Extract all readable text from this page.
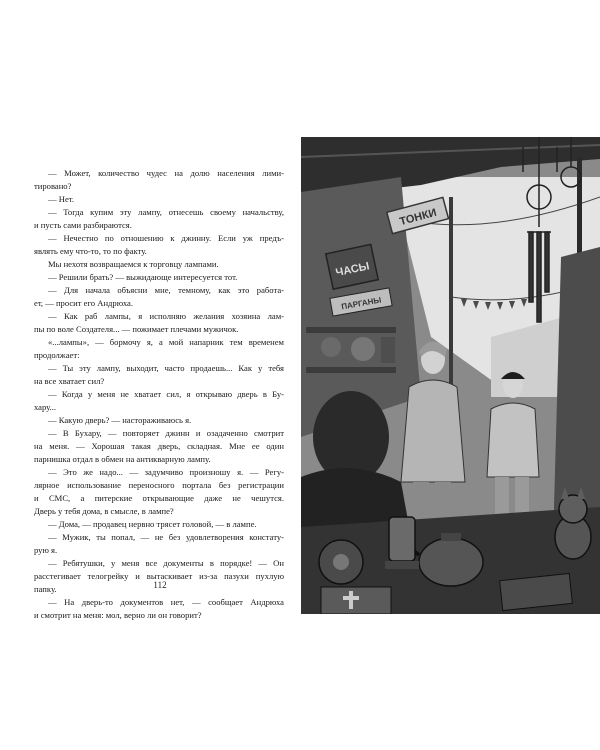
— Может, количество чудес на долю населения лими-
тировано?
— Нет.
— Тогда купим эту лампу, отнесешь своему начальству,
и пусть сами разбираются.
— Нечестно по отношению к джинну. Если уж предъ-
являть ему что-то, то по факту.
Мы нехотя возвращаемся к торговцу лампами.
— Решили брать? — выжидающе интересуется тот.
— Для начала объясни мне, темному, как это работа-
ет, — просит его Андрюха.
— Как раб лампы, я исполняю желания хозяина лам-
пы по воле Создателя... — пожимает плечами мужичок.
«...лампы», — бормочу я, а мой напарник тем временем
продолжает:
— Ты эту лампу, выходит, часто продаешь... Как у тебя
на все хватает сил?
— Когда у меня не хватает сил, я открываю дверь в Бу-
хару...
— Какую дверь? — настораживаюсь я.
— В Бухару, — повторяет джинн и озадаченно смотрит
на меня. — Хорошая такая дверь, складная. Мне ее один
парнишка отдал в обмен на антикварную лампу.
— Это же надо... — задумчиво произношу я. — Регу-
лярное использование переносного портала без регистрации
и СМС, а питерские открывающие даже не чешутся.
Дверь у тебя дома, в смысле, в лампе?
— Дома, — продавец нервно трясет головой, — в лампе.
— Мужик, ты попал, — не без удовлетворения констату-
рую я.
— Ребятушки, у меня все документы в порядке! — Он
расстегивает телогрейку и вытаскивает из-за пазухи пухлую
папку.
— На дверь-то документов нет, — сообщает Андрюха
и смотрит на меня: мол, верно ли он говорит?
112
ТОНКИ
ЧАСЫ
ПАРГАНЫ
